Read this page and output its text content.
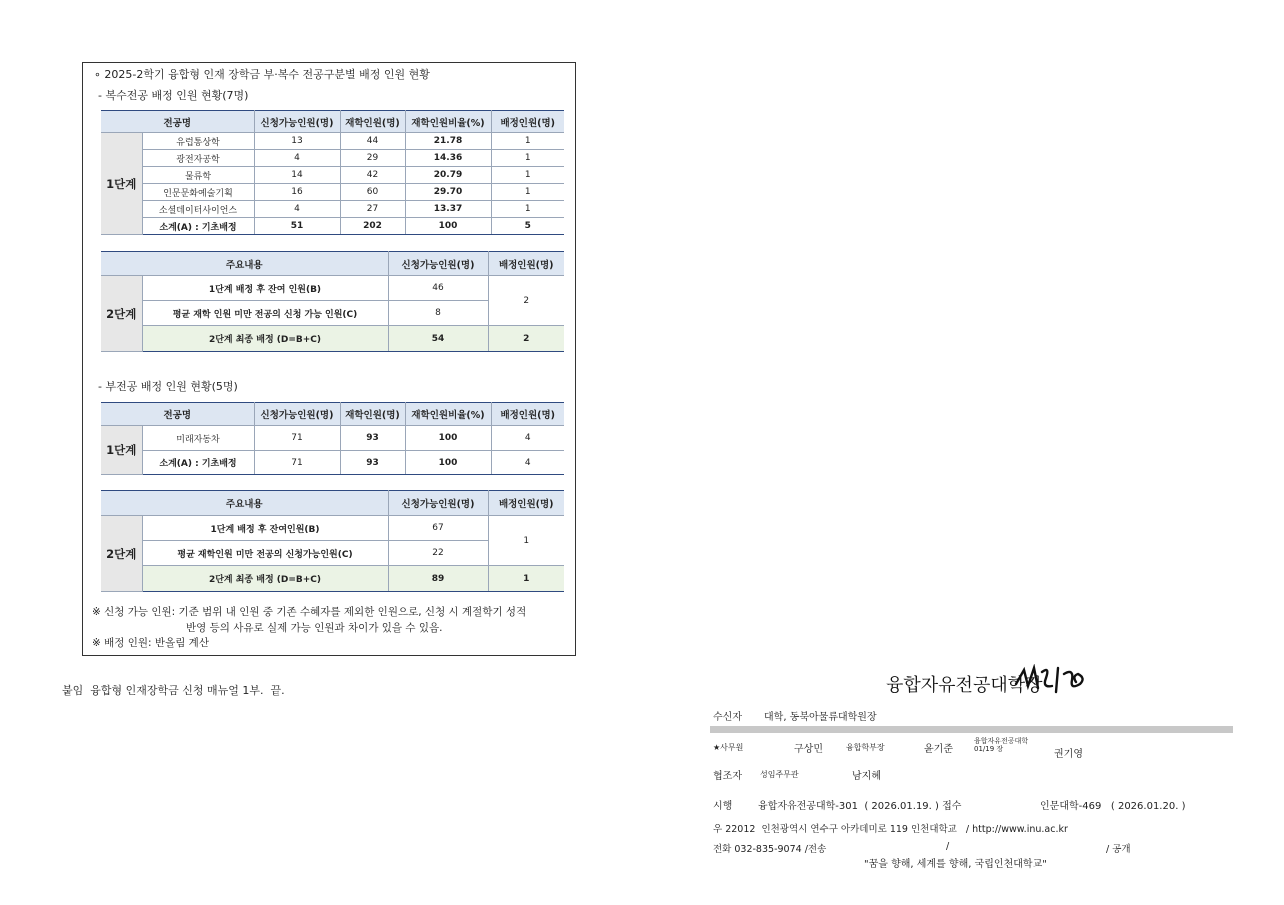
∘ 2025-2학기 융합형 인재 장학금 부·복수 전공구분별 배정 인원 현황
- 복수전공 배정 인원 현황(7명)
전공명		신청가능인원(명)	재학인원(명)	재학인원비율(%)	배정인원(명)
1단계	유럽통상학	13	44	21.78	1
	광전자공학	4	29	14.36	1
	물류학	14	42	20.79	1
	인문문화예술기획	16	60	29.70	1
	소셜데이터사이언스	4	27	13.37	1
	소계(A) : 기초배정	51	202	100	5
주요내용		신청가능인원(명)	배정인원(명)
2단계	1단계 배정 후 잔여 인원(B)	46	2
	평균 재학 인원 미만 전공의 신청 가능 인원(C)	8	
	2단계 최종 배정 (D=B+C)	54	2
- 부전공 배정 인원 현황(5명)
전공명		신청가능인원(명)	재학인원(명)	재학인원비율(%)	배정인원(명)
1단계	미래자동차	71	93	100	4
	소계(A) : 기초배정	71	93	100	4
주요내용		신청가능인원(명)	배정인원(명)
2단계	1단계 배정 후 잔여인원(B)	67	1
	평균 재학인원 미만 전공의 신청가능인원(C)	22	
	2단계 최종 배정 (D=B+C)	89	1
※ 신청 가능 인원: 기준 범위 내 인원 중 기존 수혜자를 제외한 인원으로, 신청 시 계절학기 성적
반영 등의 사유로 실제 가능 인원과 차이가 있을 수 있음.
※ 배정 인원: 반올림 계산
붙임  융합형 인재장학금 신청 매뉴얼 1부.  끝.	융합자유전공대학장
수신자 대학, 동북아물류대학원장
★사무원	구상민	융합학부장	윤기준
융합자유전공대학 01/19 장	권기영
협조자 성임주무관	남지혜
시행	융합자유전공대학-301  ( 2026.01.19. ) 접수	인문대학-469   ( 2026.01.20. )
우 22012  인천광역시 연수구 아카데미로 119 인천대학교   / http://www.inu.ac.kr
전화 032-835-9074 /전송	/	/ 공개
"꿈을 향해, 세계를 향해, 국립인천대학교"
